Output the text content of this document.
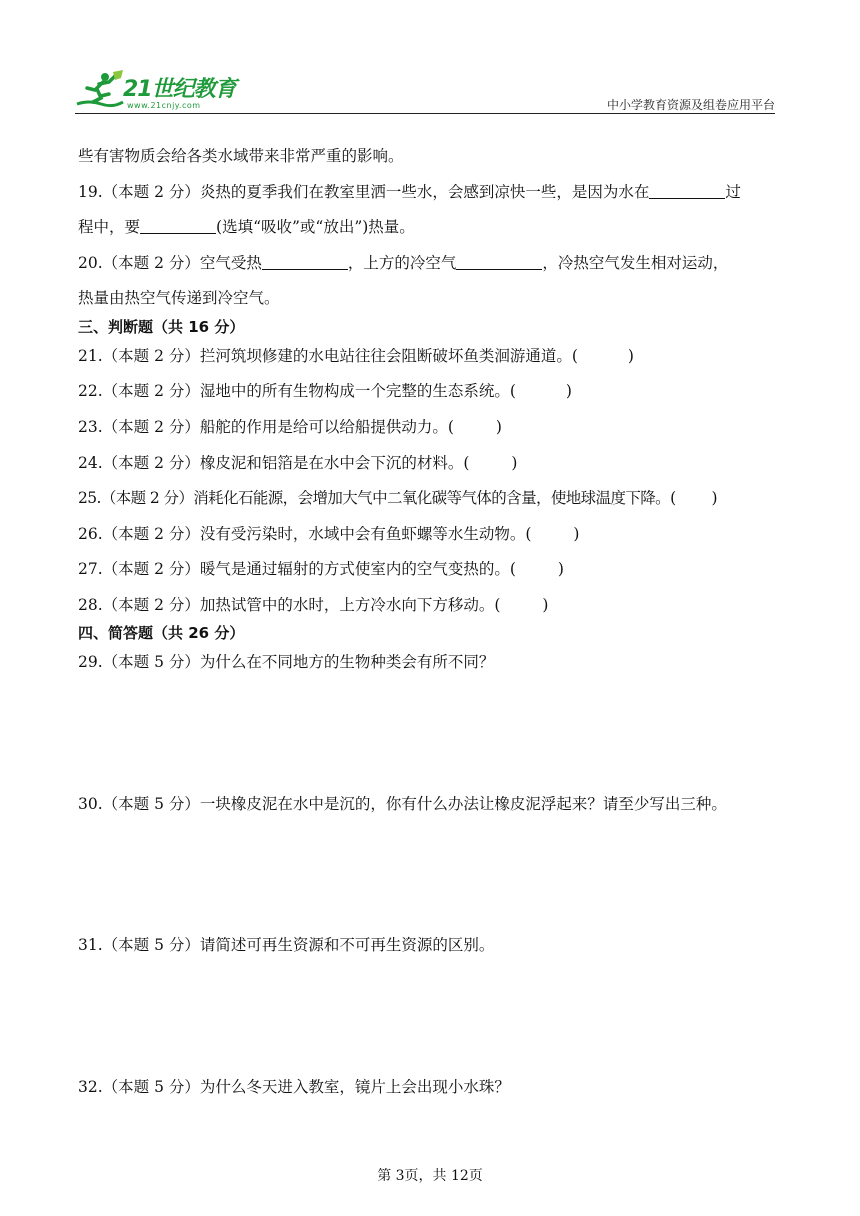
21世纪教育
www.21cnjy.com	中小学教育资源及组卷应用平台
些有害物质会给各类水域带来非常严重的影响。
19.（本题 2 分）炎热的夏季我们在教室里洒一些水，会感到凉快一些，是因为水在	过
程中，要	(选填“吸收”或“放出”)热量。
20.（本题 2 分）空气受热	，上方的冷空气	，冷热空气发生相对运动，
热量由热空气传递到冷空气。
三、判断题（共 16 分）
21.（本题 2 分）拦河筑坝修建的水电站往往会阻断破坏鱼类洄游通道。(	)
22.（本题 2 分）湿地中的所有生物构成一个完整的生态系统。(	)
23.（本题 2 分）船舵的作用是给可以给船提供动力。(	)
24.（本题 2 分）橡皮泥和铝箔是在水中会下沉的材料。(	)
25.（本题 2 分）消耗化石能源，会增加大气中二氧化碳等气体的含量，使地球温度下降。( )
26.（本题 2 分）没有受污染时，水域中会有鱼虾螺等水生动物。(	)
27.（本题 2 分）暖气是通过辐射的方式使室内的空气变热的。(	)
28.（本题 2 分）加热试管中的水时，上方冷水向下方移动。(	)
四、简答题（共 26 分）
29.（本题 5 分）为什么在不同地方的生物种类会有所不同？
30.（本题 5 分）一块橡皮泥在水中是沉的，你有什么办法让橡皮泥浮起来？请至少写出三种。
31.（本题 5 分）请简述可再生资源和不可再生资源的区别。
32.（本题 5 分）为什么冬天进入教室，镜片上会出现小水珠？
第 3页，共 12页
